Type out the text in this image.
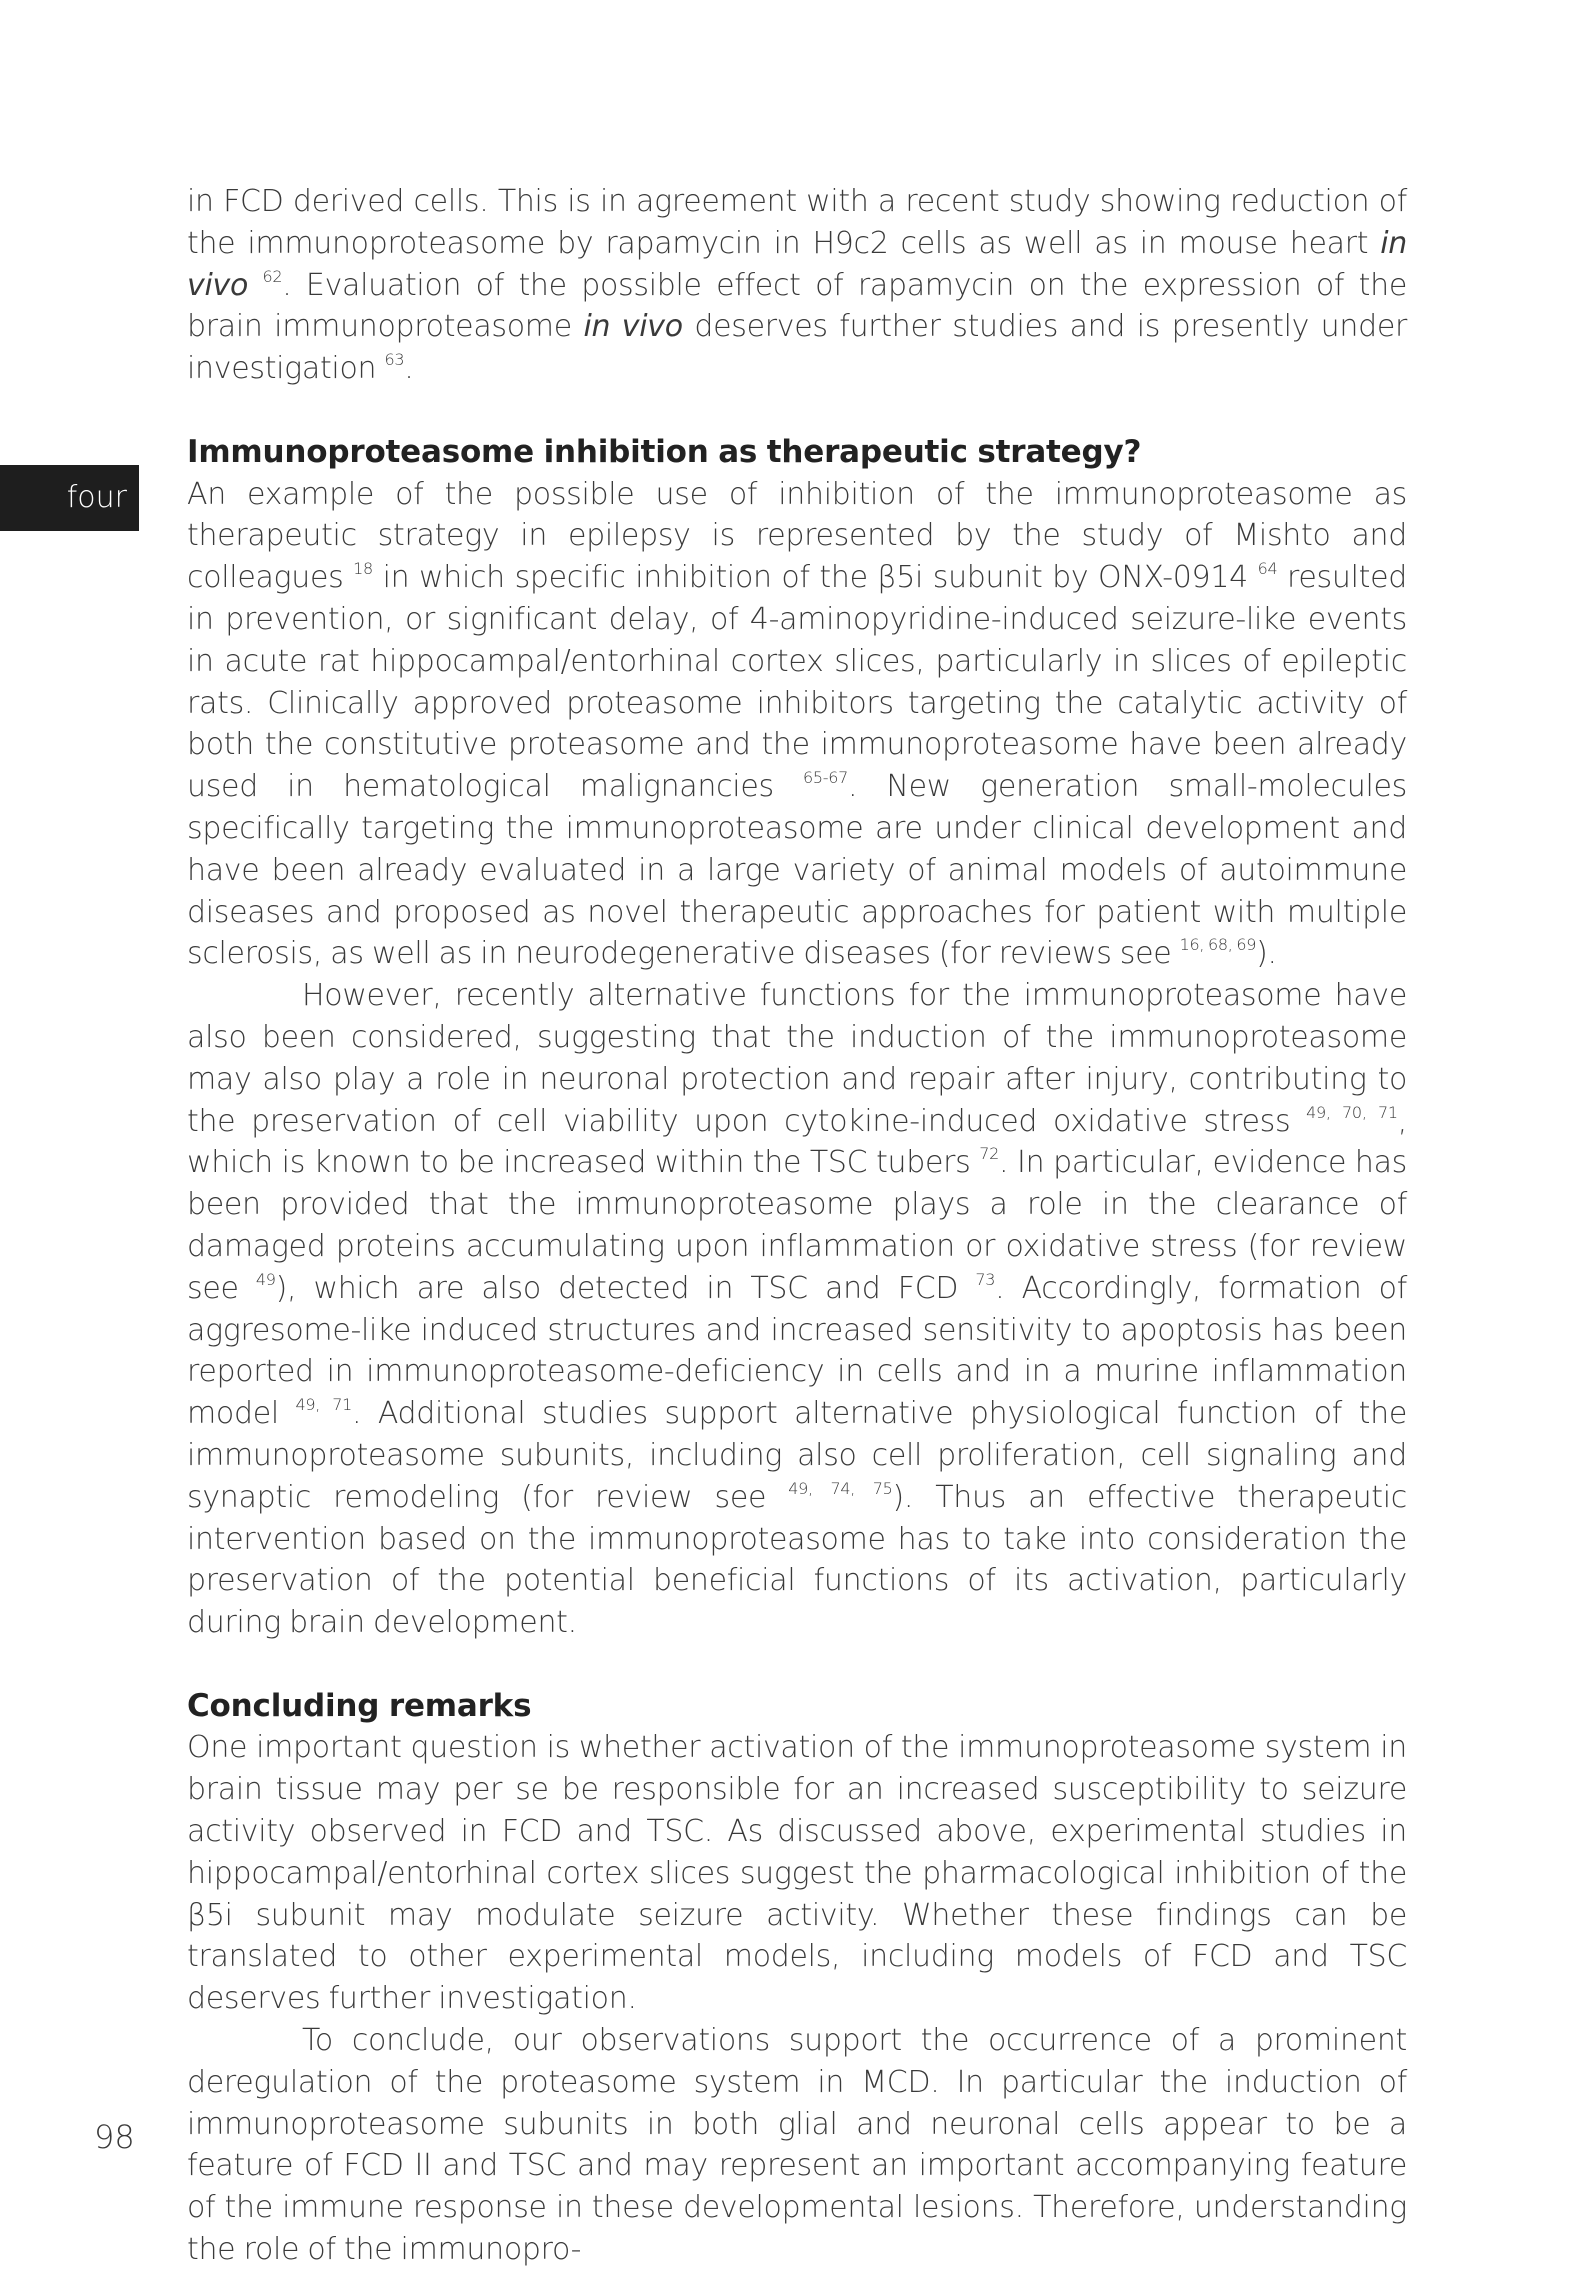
four

in FCD derived cells. This is in agreement with a recent study showing reduction of the immunoproteasome by rapamycin in H9c2 cells as well as in mouse heart in vivo $^{62}$. Evaluation of the possible effect of rapamycin on the expression of the brain immunoproteasome in vivo deserves further studies and is presently under investigation $^{63}$.

Immunoproteasome inhibition as therapeutic strategy?

An example of the possible use of inhibition of the immunoproteasome as therapeutic strategy in epilepsy is represented by the study of Mishto and colleagues $^{18}$ in which specific inhibition of the β5i subunit by ONX-0914 $^{64}$ resulted in prevention, or significant delay, of 4-aminopyridine-induced seizure-like events in acute rat hippocampal/entorhinal cortex slices, particularly in slices of epileptic rats. Clinically approved proteasome inhibitors targeting the catalytic activity of both the constitutive proteasome and the immunoproteasome have been already used in hematological malignancies $^{65-67}$. New generation small-molecules specifically targeting the immunoproteasome are under clinical development and have been already evaluated in a large variety of animal models of autoimmune diseases and proposed as novel therapeutic approaches for patient with multiple sclerosis, as well as in neurodegenerative diseases (for reviews see $^{16, 68, 69}$).

However, recently alternative functions for the immunoproteasome have also been considered, suggesting that the induction of the immunoproteasome may also play a role in neuronal protection and repair after injury, contributing to the preservation of cell viability upon cytokine-induced oxidative stress $^{49, 70, 71}$, which is known to be increased within the TSC tubers $^{72}$. In particular, evidence has been provided that the immunoproteasome plays a role in the clearance of damaged proteins accumulating upon inflammation or oxidative stress (for review see $^{49}$), which are also detected in TSC and FCD $^{73}$. Accordingly, formation of aggresome-like induced structures and increased sensitivity to apoptosis has been reported in immunoproteasome-deficiency in cells and in a murine inflammation model $^{49, 71}$. Additional studies support alternative physiological function of the immunoproteasome subunits, including also cell proliferation, cell signaling and synaptic remodeling (for review see $^{49, 74, 75}$). Thus an effective therapeutic intervention based on the immunoproteasome has to take into consideration the preservation of the potential beneficial functions of its activation, particularly during brain development.

Concluding remarks

One important question is whether activation of the immunoproteasome system in brain tissue may per se be responsible for an increased susceptibility to seizure activity observed in FCD and TSC. As discussed above, experimental studies in hippocampal/entorhinal cortex slices suggest the pharmacological inhibition of the β5i subunit may modulate seizure activity. Whether these findings can be translated to other experimental models, including models of FCD and TSC deserves further investigation.

To conclude, our observations support the occurrence of a prominent deregulation of the proteasome system in MCD. In particular the induction of immunoproteasome subunits in both glial and neuronal cells appear to be a feature of FCD II and TSC and may represent an important accompanying feature of the immune response in these developmental lesions. Therefore, understanding the role of the immunopro-

98
